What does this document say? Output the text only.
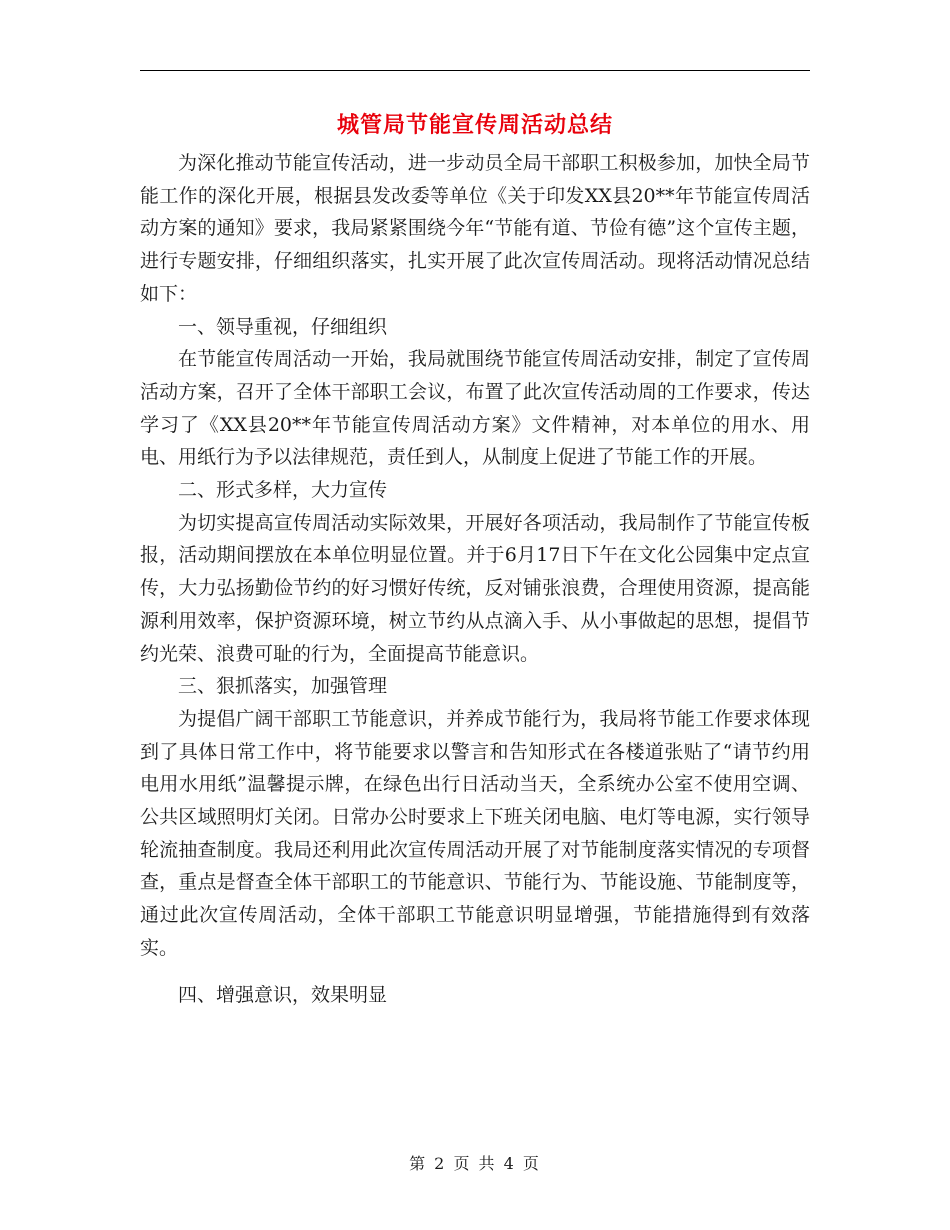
城管局节能宣传周活动总结

为深化推动节能宣传活动，进一步动员全局干部职工积极参加，加快全局节能工作的深化开展，根据县发改委等单位《关于印发XX县20**年节能宣传周活动方案的通知》要求，我局紧紧围绕今年“节能有道、节俭有德”这个宣传主题，进行专题安排，仔细组织落实，扎实开展了此次宣传周活动。现将活动情况总结如下：

一、领导重视，仔细组织

在节能宣传周活动一开始，我局就围绕节能宣传周活动安排，制定了宣传周活动方案，召开了全体干部职工会议，布置了此次宣传活动周的工作要求，传达学习了《XX县20**年节能宣传周活动方案》文件精神，对本单位的用水、用电、用纸行为予以法律规范，责任到人，从制度上促进了节能工作的开展。

二、形式多样，大力宣传

为切实提高宣传周活动实际效果，开展好各项活动，我局制作了节能宣传板报，活动期间摆放在本单位明显位置。并于6月17日下午在文化公园集中定点宣传，大力弘扬勤俭节约的好习惯好传统，反对铺张浪费，合理使用资源，提高能源利用效率，保护资源环境，树立节约从点滴入手、从小事做起的思想，提倡节约光荣、浪费可耻的行为，全面提高节能意识。

三、狠抓落实，加强管理

为提倡广阔干部职工节能意识，并养成节能行为，我局将节能工作要求体现到了具体日常工作中，将节能要求以警言和告知形式在各楼道张贴了“请节约用电用水用纸”温馨提示牌，在绿色出行日活动当天，全系统办公室不使用空调、公共区域照明灯关闭。日常办公时要求上下班关闭电脑、电灯等电源，实行领导轮流抽查制度。我局还利用此次宣传周活动开展了对节能制度落实情况的专项督查，重点是督查全体干部职工的节能意识、节能行为、节能设施、节能制度等，通过此次宣传周活动，全体干部职工节能意识明显增强，节能措施得到有效落实。

四、增强意识，效果明显

第 2 页 共 4 页
